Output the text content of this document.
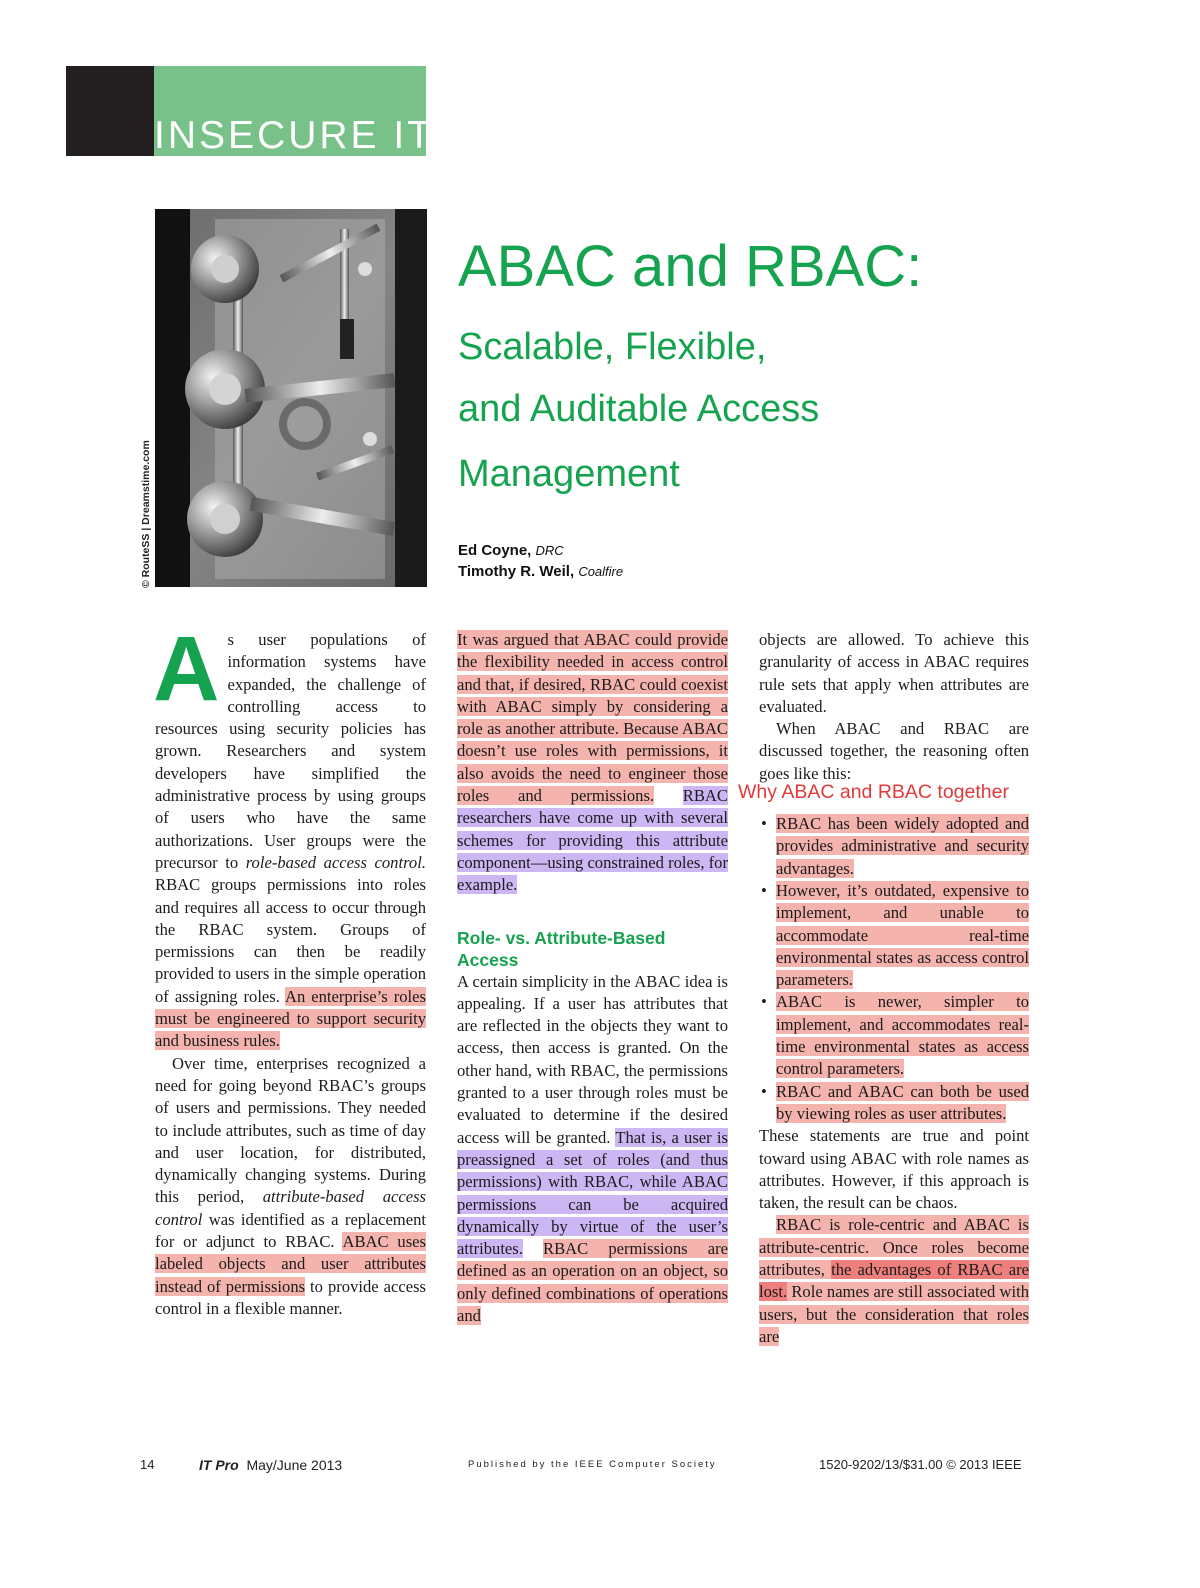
INSECURE IT
© RouteSS | Dreamstime.com
ABAC and RBAC:
Scalable, Flexible,
and Auditable Access
Management
Ed Coyne, DRC
Timothy R. Weil, Coalfire

As user populations of information systems have expanded, the challenge of controlling access to resources using security policies has grown. Researchers and system developers have simplified the administrative process by using groups of users who have the same authorizations. User groups were the precursor to role-based access control. RBAC groups permissions into roles and requires all access to occur through the RBAC system. Groups of permissions can then be readily provided to users in the simple operation of assigning roles. An enterprise’s roles must be engineered to support security and business rules.

Over time, enterprises recognized a need for going beyond RBAC’s groups of users and permissions. They needed to include attributes, such as time of day and user location, for distributed, dynamically changing systems. During this period, attribute-based access control was identified as a replacement for or adjunct to RBAC. ABAC uses labeled objects and user attributes instead of permissions to provide access control in a flexible manner.

It was argued that ABAC could provide the flexibility needed in access control and that, if desired, RBAC could coexist with ABAC simply by considering a role as another attribute. Because ABAC doesn’t use roles with permissions, it also avoids the need to engineer those roles and permissions. RBAC researchers have come up with several schemes for providing this attribute component—using constrained roles, for example.

Role- vs. Attribute-Based Access

A certain simplicity in the ABAC idea is appealing. If a user has attributes that are reflected in the objects they want to access, then access is granted. On the other hand, with RBAC, the permissions granted to a user through roles must be evaluated to determine if the desired access will be granted. That is, a user is preassigned a set of roles (and thus permissions) with RBAC, while ABAC permissions can be acquired dynamically by virtue of the user’s attributes. RBAC permissions are defined as an operation on an object, so only defined combinations of operations and

objects are allowed. To achieve this granularity of access in ABAC requires rule sets that apply when attributes are evaluated.

When ABAC and RBAC are discussed together, the reasoning often goes like this:

• RBAC has been widely adopted and provides administrative and security advantages.
• However, it’s outdated, expensive to implement, and unable to accommodate real-time environmental states as access control parameters.
• ABAC is newer, simpler to implement, and accommodates real-time environmental states as access control parameters.
• RBAC and ABAC can both be used by viewing roles as user attributes.

These statements are true and point toward using ABAC with role names as attributes. However, if this approach is taken, the result can be chaos.

RBAC is role-centric and ABAC is attribute-centric. Once roles become attributes, the advantages of RBAC are lost. Role names are still associated with users, but the consideration that roles are

Why ABAC and RBAC together
14	IT Pro May/June 2013	Published by the IEEE Computer Society	1520-9202/13/$31.00 © 2013 IEEE
